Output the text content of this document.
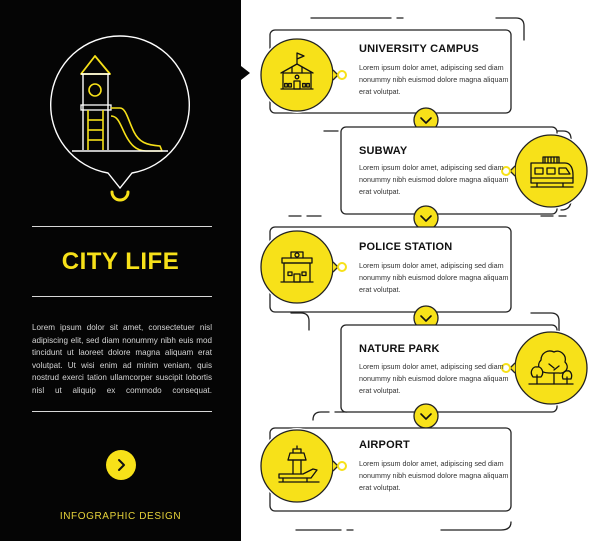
CITY LIFE
Lorem ipsum dolor sit amet, consectetuer nisl adipiscing elit, sed diam nonummy nibh euis mod tincidunt ut laoreet dolore magna aliquam erat volutpat. Ut wisi enim ad minim veniam, quis nostrud exerci tation ullamcorper suscipit lobortis nisl ut aliquip ex commodo consequat.
INFOGRAPHIC DESIGN
UNIVERSITY CAMPUS
Lorem ipsum dolor amet, adipiscing sed diam nonummy nibh euismod dolore magna aliquam erat volutpat.
SUBWAY
Lorem ipsum dolor amet, adipiscing sed diam nonummy nibh euismod dolore magna aliquam erat volutpat.
POLICE STATION
Lorem ipsum dolor amet, adipiscing sed diam nonummy nibh euismod dolore magna aliquam erat volutpat.
NATURE PARK
Lorem ipsum dolor amet, adipiscing sed diam nonummy nibh euismod dolore magna aliquam erat volutpat.
AIRPORT
Lorem ipsum dolor amet, adipiscing sed diam nonummy nibh euismod dolore magna aliquam erat volutpat.
